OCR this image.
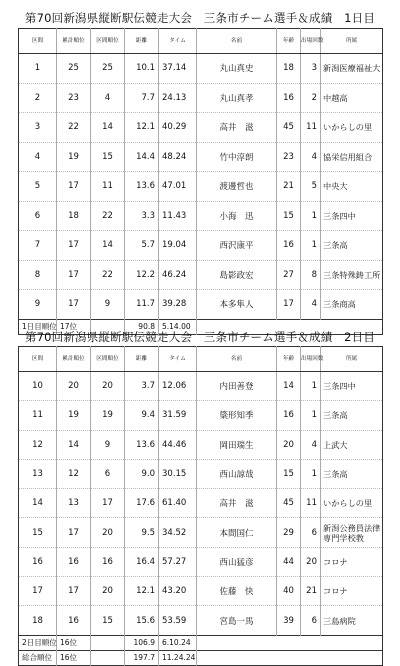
第70回新潟県縦断駅伝競走大会　三条市チーム選手＆成績　1日目
区間	累計順位	区間順位	距離	タイム	名前	年齢	出場回数	所属
1	25	25	10.1	37.14	丸山真史	18	3	新潟医療福祉大
2	23	4	7.7	24.13	丸山真孝	16	2	中越高
3	22	14	12.1	40.29	高井　滋	45	11	いからしの里
4	19	15	14.4	48.24	竹中淳朗	23	4	協栄信用組合
5	17	11	13.6	47.01	渡邊哲也	21	5	中央大
6	18	22	3.3	11.43	小海　迅	15	1	三条四中
7	17	14	5.7	19.04	西沢康平	16	1	三条高
8	17	22	12.2	46.24	島影政宏	27	8	三条特殊鋳工所
9	17	9	11.7	39.28	本多隼人	17	4	三条商高
1日目順位	17位		90.8	5.14.00				
第70回新潟県縦断駅伝競走大会　三条市チーム選手＆成績　2日目
区間	累計順位	区間順位	距離	タイム	名前	年齢	出場回数	所属
10	20	20	3.7	12.06	内田善登	14	1	三条四中
11	19	19	9.4	31.59	簗形知季	16	1	三条高
12	14	9	13.6	44.46	岡田瑞生	20	4	上武大
13	12	6	9.0	30.15	西山諒哉	15	1	三条高
14	13	17	17.6	61.40	高井　滋	45	11	いからしの里
15	17	20	9.5	34.52	本間国仁	29	6	新潟公務員法律専門学校教
16	16	16	16.4	57.27	西山猛彦	44	20	コロナ
17	17	20	12.1	43.20	佐藤　快	40	21	コロナ
18	16	15	15.6	53.59	宮島一馬	39	6	三島病院
2日目順位	16位		106.9	6.10.24				
総合順位	16位		197.7	11.24.24				
